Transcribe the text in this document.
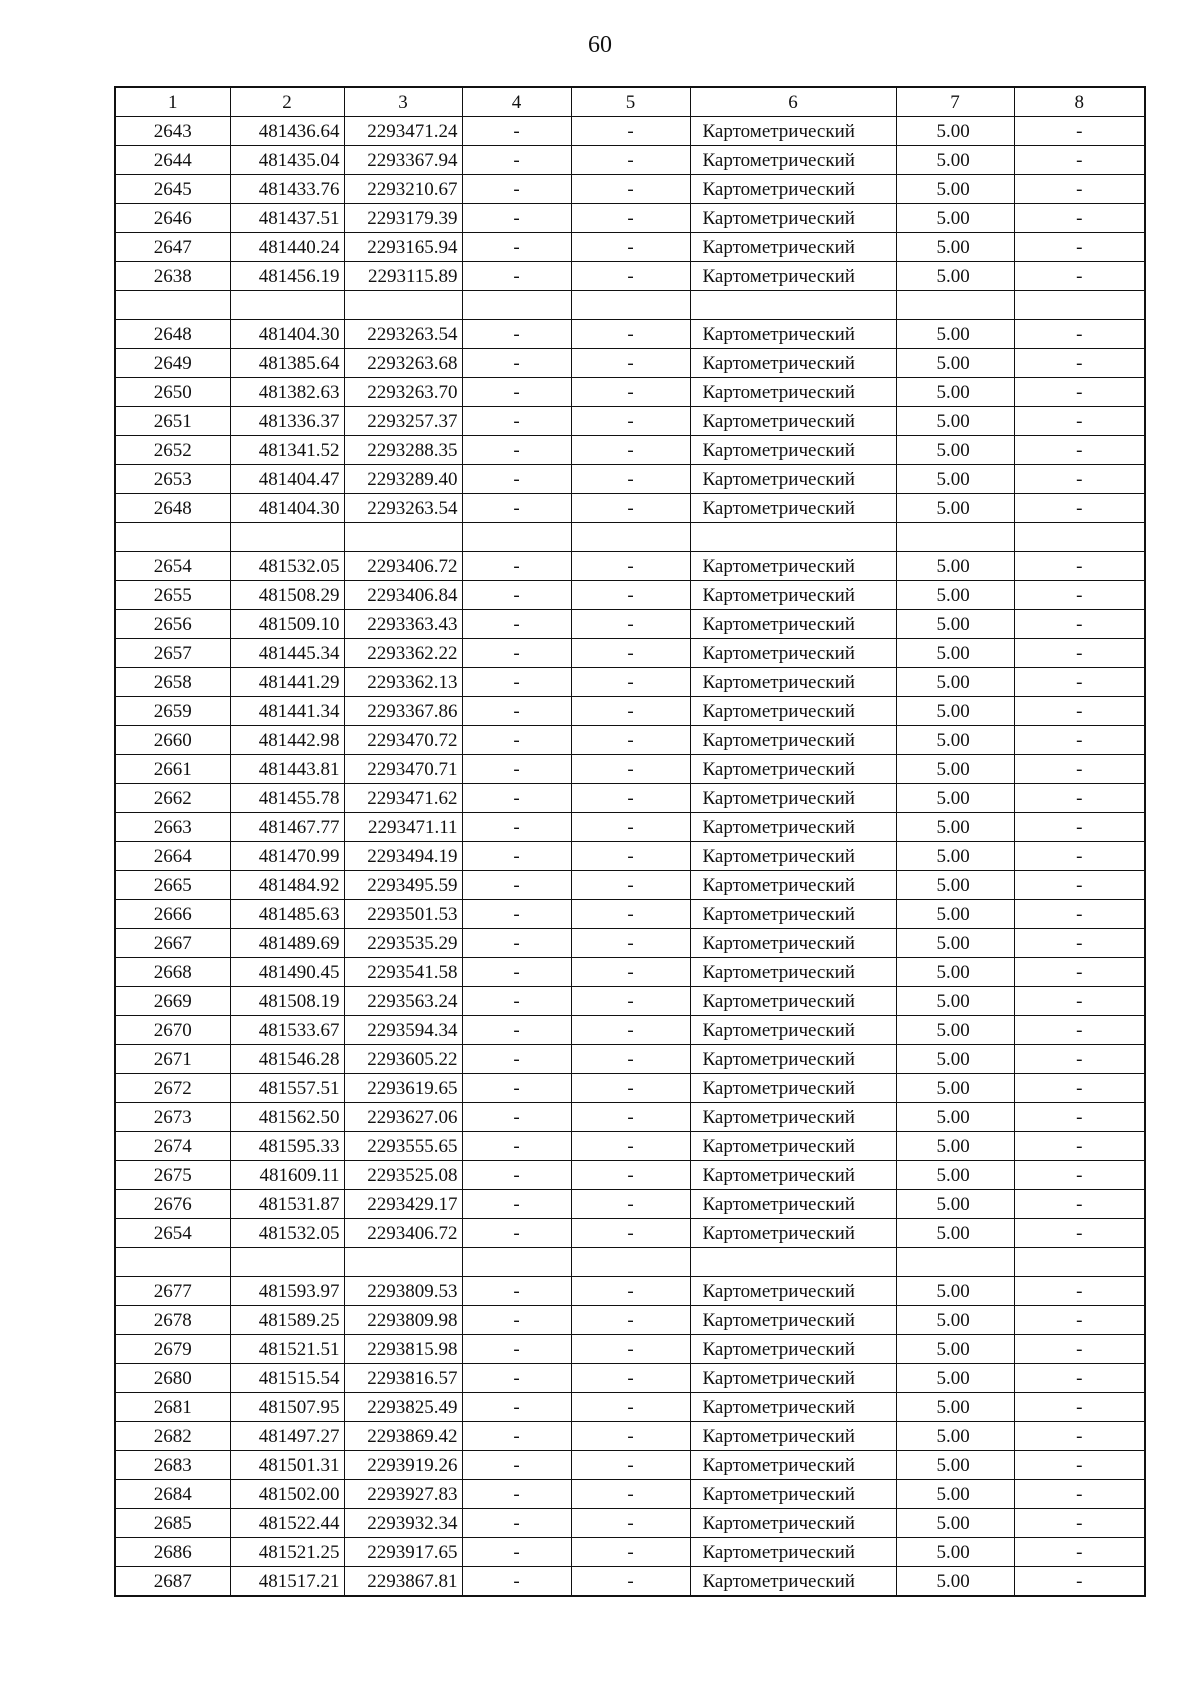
60
1	2	3	4	5	6	7	8
2643	481436.64	2293471.24	-	-	Картометрический	5.00	-
2644	481435.04	2293367.94	-	-	Картометрический	5.00	-
2645	481433.76	2293210.67	-	-	Картометрический	5.00	-
2646	481437.51	2293179.39	-	-	Картометрический	5.00	-
2647	481440.24	2293165.94	-	-	Картометрический	5.00	-
2638	481456.19	2293115.89	-	-	Картометрический	5.00	-

2648	481404.30	2293263.54	-	-	Картометрический	5.00	-
2649	481385.64	2293263.68	-	-	Картометрический	5.00	-
2650	481382.63	2293263.70	-	-	Картометрический	5.00	-
2651	481336.37	2293257.37	-	-	Картометрический	5.00	-
2652	481341.52	2293288.35	-	-	Картометрический	5.00	-
2653	481404.47	2293289.40	-	-	Картометрический	5.00	-
2648	481404.30	2293263.54	-	-	Картометрический	5.00	-

2654	481532.05	2293406.72	-	-	Картометрический	5.00	-
2655	481508.29	2293406.84	-	-	Картометрический	5.00	-
2656	481509.10	2293363.43	-	-	Картометрический	5.00	-
2657	481445.34	2293362.22	-	-	Картометрический	5.00	-
2658	481441.29	2293362.13	-	-	Картометрический	5.00	-
2659	481441.34	2293367.86	-	-	Картометрический	5.00	-
2660	481442.98	2293470.72	-	-	Картометрический	5.00	-
2661	481443.81	2293470.71	-	-	Картометрический	5.00	-
2662	481455.78	2293471.62	-	-	Картометрический	5.00	-
2663	481467.77	2293471.11	-	-	Картометрический	5.00	-
2664	481470.99	2293494.19	-	-	Картометрический	5.00	-
2665	481484.92	2293495.59	-	-	Картометрический	5.00	-
2666	481485.63	2293501.53	-	-	Картометрический	5.00	-
2667	481489.69	2293535.29	-	-	Картометрический	5.00	-
2668	481490.45	2293541.58	-	-	Картометрический	5.00	-
2669	481508.19	2293563.24	-	-	Картометрический	5.00	-
2670	481533.67	2293594.34	-	-	Картометрический	5.00	-
2671	481546.28	2293605.22	-	-	Картометрический	5.00	-
2672	481557.51	2293619.65	-	-	Картометрический	5.00	-
2673	481562.50	2293627.06	-	-	Картометрический	5.00	-
2674	481595.33	2293555.65	-	-	Картометрический	5.00	-
2675	481609.11	2293525.08	-	-	Картометрический	5.00	-
2676	481531.87	2293429.17	-	-	Картометрический	5.00	-
2654	481532.05	2293406.72	-	-	Картометрический	5.00	-

2677	481593.97	2293809.53	-	-	Картометрический	5.00	-
2678	481589.25	2293809.98	-	-	Картометрический	5.00	-
2679	481521.51	2293815.98	-	-	Картометрический	5.00	-
2680	481515.54	2293816.57	-	-	Картометрический	5.00	-
2681	481507.95	2293825.49	-	-	Картометрический	5.00	-
2682	481497.27	2293869.42	-	-	Картометрический	5.00	-
2683	481501.31	2293919.26	-	-	Картометрический	5.00	-
2684	481502.00	2293927.83	-	-	Картометрический	5.00	-
2685	481522.44	2293932.34	-	-	Картометрический	5.00	-
2686	481521.25	2293917.65	-	-	Картометрический	5.00	-
2687	481517.21	2293867.81	-	-	Картометрический	5.00	-
